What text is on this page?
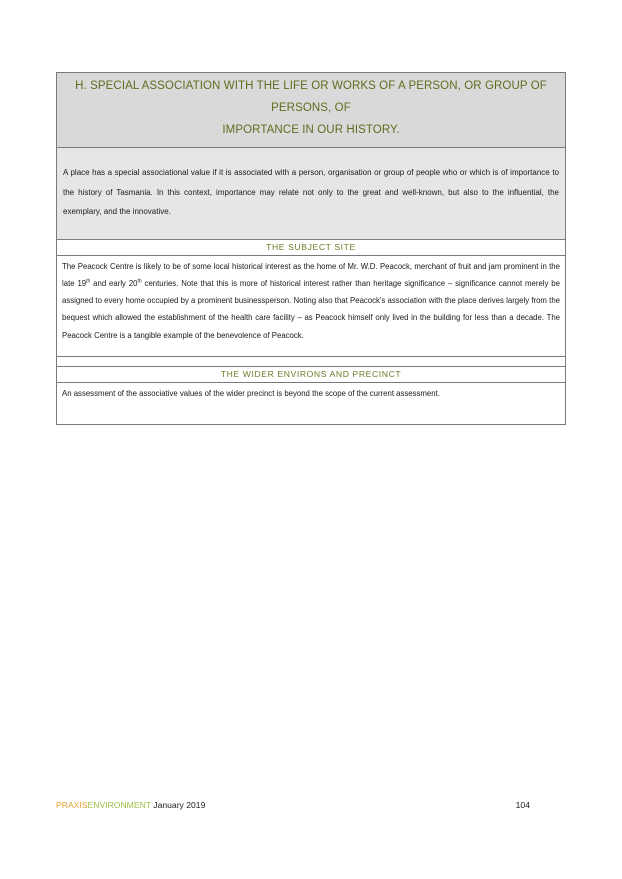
H. SPECIAL ASSOCIATION WITH THE LIFE OR WORKS OF A PERSON, OR GROUP OF PERSONS, OF
IMPORTANCE IN OUR HISTORY.
A place has a special associational value if it is associated with a person, organisation or group of people who or which is of importance to the history of Tasmania. In this context, importance may relate not only to the great and well-known, but also to the influential, the exemplary, and the innovative.
THE SUBJECT SITE
The Peacock Centre is likely to be of some local historical interest as the home of Mr. W.D. Peacock, merchant of fruit and jam prominent in the late 19th and early 20th centuries. Note that this is more of historical interest rather than heritage significance – significance cannot merely be assigned to every home occupied by a prominent businessperson. Noting also that Peacock's association with the place derives largely from the bequest which allowed the establishment of the health care facility – as Peacock himself only lived in the building for less than a decade. The Peacock Centre is a tangible example of the benevolence of Peacock.
THE WIDER ENVIRONS AND PRECINCT
An assessment of the associative values of the wider precinct is beyond the scope of the current assessment.
PRAXISENVIRONMENT January 2019	104
